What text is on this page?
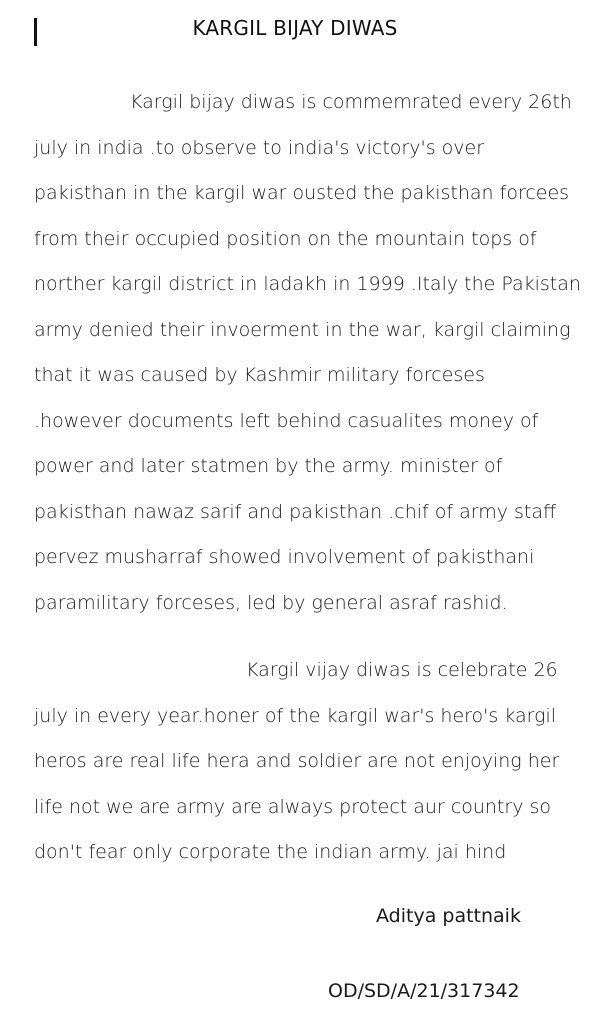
KARGIL BIJAY DIWAS

Kargil bijay diwas is commemrated every 26th
july in india .to observe to india's victory's over
pakisthan in the kargil war ousted the pakisthan forcees
from their occupied position on the mountain tops of
norther kargil district in ladakh in 1999 .Italy the Pakistan
army denied their invoerment in the war, kargil claiming
that it was caused by Kashmir military forceses
.however documents left behind casualites money of
power and later statmen by the army. minister of
pakisthan nawaz sarif and pakisthan .chif of army staff
pervez musharraf showed involvement of pakisthani
paramilitary forceses, led by general asraf rashid.

Kargil vijay diwas is celebrate 26
july in every year.honer of the kargil war's hero's kargil
heros are real life hera and soldier are not enjoying her
life not we are army are always protect aur country so
don't fear only corporate the indian army. jai hind

Aditya pattnaik
OD/SD/A/21/317342
